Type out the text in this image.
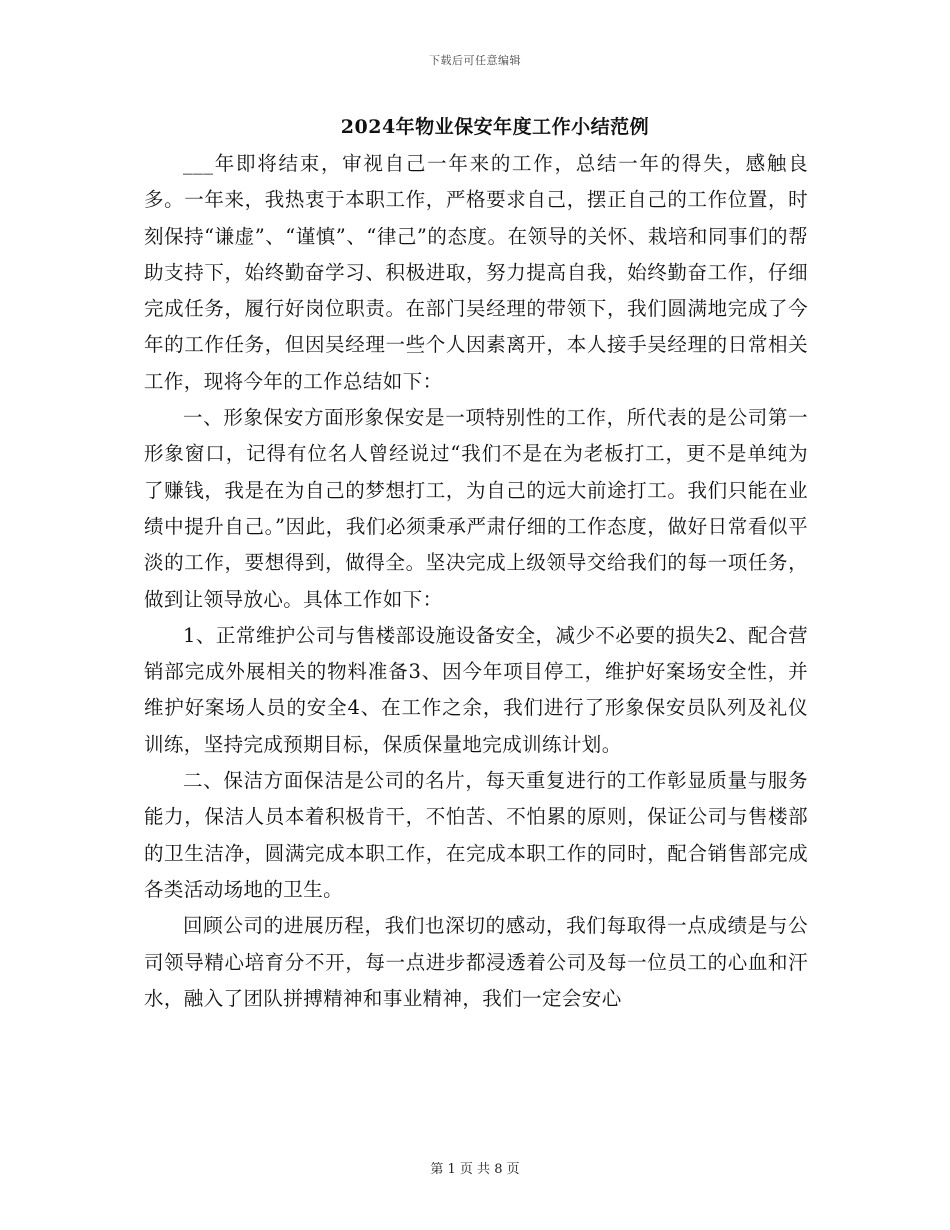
下载后可任意编辑
2024年物业保安年度工作小结范例

___年即将结束，审视自己一年来的工作，总结一年的得失，感触良多。一年来，我热衷于本职工作，严格要求自己，摆正自己的工作位置，时刻保持“谦虚”、“谨慎”、“律己”的态度。在领导的关怀、栽培和同事们的帮助支持下，始终勤奋学习、积极进取，努力提高自我，始终勤奋工作，仔细完成任务，履行好岗位职责。在部门吴经理的带领下，我们圆满地完成了今年的工作任务，但因吴经理一些个人因素离开，本人接手吴经理的日常相关工作，现将今年的工作总结如下：

一、形象保安方面形象保安是一项特别性的工作，所代表的是公司第一形象窗口，记得有位名人曾经说过“我们不是在为老板打工，更不是单纯为了赚钱，我是在为自己的梦想打工，为自己的远大前途打工。我们只能在业绩中提升自己。”因此，我们必须秉承严肃仔细的工作态度，做好日常看似平淡的工作，要想得到，做得全。坚决完成上级领导交给我们的每一项任务，做到让领导放心。具体工作如下：

1、正常维护公司与售楼部设施设备安全，减少不必要的损失2、配合营销部完成外展相关的物料准备3、因今年项目停工，维护好案场安全性，并维护好案场人员的安全4、在工作之余，我们进行了形象保安员队列及礼仪训练，坚持完成预期目标，保质保量地完成训练计划。

二、保洁方面保洁是公司的名片，每天重复进行的工作彰显质量与服务能力，保洁人员本着积极肯干，不怕苦、不怕累的原则，保证公司与售楼部的卫生洁净，圆满完成本职工作，在完成本职工作的同时，配合销售部完成各类活动场地的卫生。

回顾公司的进展历程，我们也深切的感动，我们每取得一点成绩是与公司领导精心培育分不开，每一点进步都浸透着公司及每一位员工的心血和汗水，融入了团队拼搏精神和事业精神，我们一定会安心

第 1 页 共 8 页
